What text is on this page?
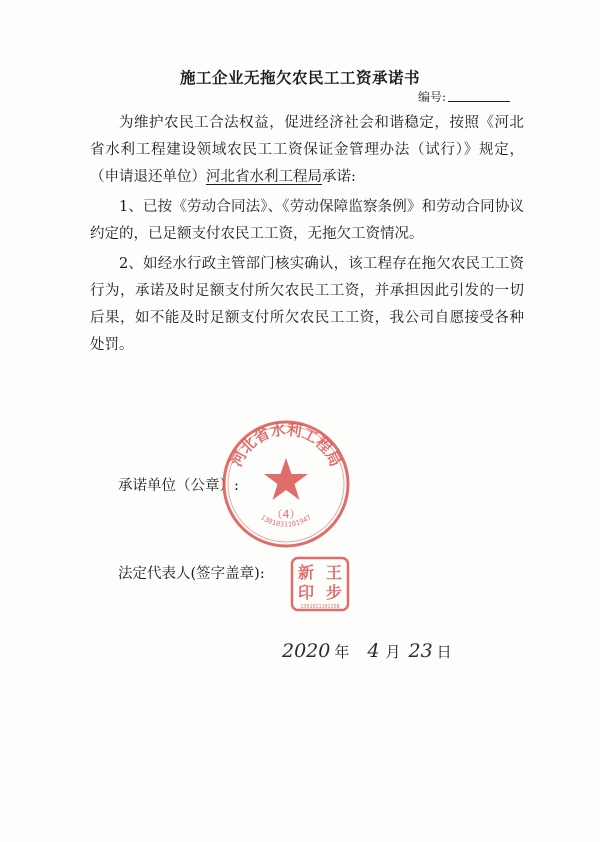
施工企业无拖欠农民工工资承诺书
编号:

为维护农民工合法权益，促进经济社会和谐稳定，按照《河北省水利工程建设领域农民工工资保证金管理办法（试行）》规定，（申请退还单位）河北省水利工程局承诺:

1、已按《劳动合同法》、《劳动保障监察条例》和劳动合同协议约定的，已足额支付农民工工资，无拖欠工资情况。

2、如经水行政主管部门核实确认，该工程存在拖欠农民工工资行为，承诺及时足额支付所欠农民工工资，并承担因此引发的一切后果，如不能及时足额支付所欠农民工工资，我公司自愿接受各种处罚。

承诺单位（公章）:
法定代表人(签字盖章):
2020 年 4 月 23 日
河北省水利工程局
（4）
1301031101947
王
步
新
印
1301021101158
